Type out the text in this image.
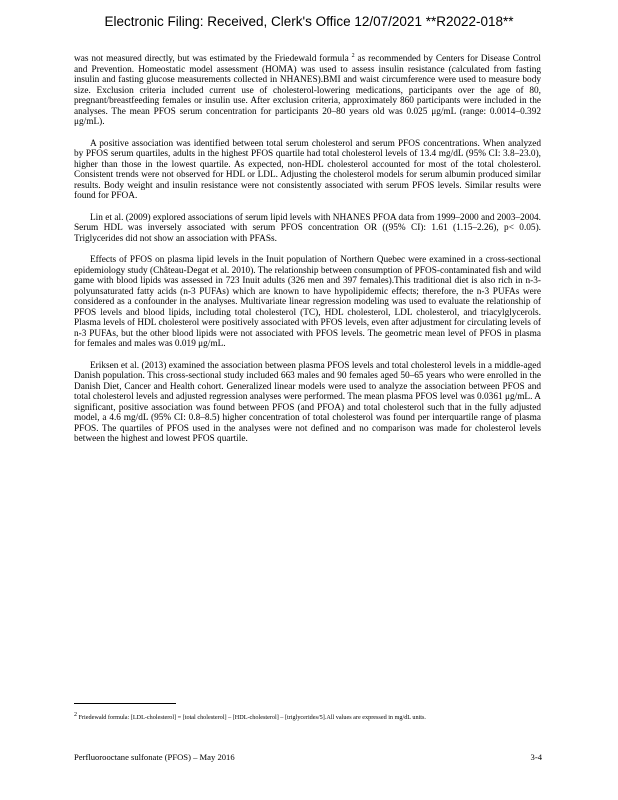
Electronic Filing: Received, Clerk's Office 12/07/2021 **R2022-018**

was not measured directly, but was estimated by the Friedewald formula $^2$ as recommended by Centers for Disease Control and Prevention. Homeostatic model assessment (HOMA) was used to assess insulin resistance (calculated from fasting insulin and fasting glucose measurements collected in NHANES).BMI and waist circumference were used to measure body size. Exclusion criteria included current use of cholesterol-lowering medications, participants over the age of 80, pregnant/breastfeeding females or insulin use. After exclusion criteria, approximately 860 participants were included in the analyses. The mean PFOS serum concentration for participants 20–80 years old was 0.025 μg/mL (range: 0.0014–0.392 μg/mL).

A positive association was identified between total serum cholesterol and serum PFOS concentrations. When analyzed by PFOS serum quartiles, adults in the highest PFOS quartile had total cholesterol levels of 13.4 mg/dL (95% CI: 3.8–23.0), higher than those in the lowest quartile. As expected, non-HDL cholesterol accounted for most of the total cholesterol. Consistent trends were not observed for HDL or LDL. Adjusting the cholesterol models for serum albumin produced similar results. Body weight and insulin resistance were not consistently associated with serum PFOS levels. Similar results were found for PFOA.

Lin et al. (2009) explored associations of serum lipid levels with NHANES PFOA data from 1999–2000 and 2003–2004. Serum HDL was inversely associated with serum PFOS concentration OR ((95% CI): 1.61 (1.15–2.26), p< 0.05). Triglycerides did not show an association with PFASs.

Effects of PFOS on plasma lipid levels in the Inuit population of Northern Quebec were examined in a cross-sectional epidemiology study (Château-Degat et al. 2010). The relationship between consumption of PFOS-contaminated fish and wild game with blood lipids was assessed in 723 Inuit adults (326 men and 397 females).This traditional diet is also rich in n-3-polyunsaturated fatty acids (n-3 PUFAs) which are known to have hypolipidemic effects; therefore, the n-3 PUFAs were considered as a confounder in the analyses. Multivariate linear regression modeling was used to evaluate the relationship of PFOS levels and blood lipids, including total cholesterol (TC), HDL cholesterol, LDL cholesterol, and triacylglycerols. Plasma levels of HDL cholesterol were positively associated with PFOS levels, even after adjustment for circulating levels of n-3 PUFAs, but the other blood lipids were not associated with PFOS levels. The geometric mean level of PFOS in plasma for females and males was 0.019 μg/mL.

Eriksen et al. (2013) examined the association between plasma PFOS levels and total cholesterol levels in a middle-aged Danish population. This cross-sectional study included 663 males and 90 females aged 50–65 years who were enrolled in the Danish Diet, Cancer and Health cohort. Generalized linear models were used to analyze the association between PFOS and total cholesterol levels and adjusted regression analyses were performed. The mean plasma PFOS level was 0.0361 μg/mL. A significant, positive association was found between PFOS (and PFOA) and total cholesterol such that in the fully adjusted model, a 4.6 mg/dL (95% CI: 0.8–8.5) higher concentration of total cholesterol was found per interquartile range of plasma PFOS. The quartiles of PFOS used in the analyses were not defined and no comparison was made for cholesterol levels between the highest and lowest PFOS quartile.

$^2$ Friedewald formula: [LDL-cholesterol] = [total cholesterol] – [HDL-cholesterol] – [triglycerides/5].All values are expressed in mg/dL units.
Perfluorooctane sulfonate (PFOS) – May 2016	3-4
